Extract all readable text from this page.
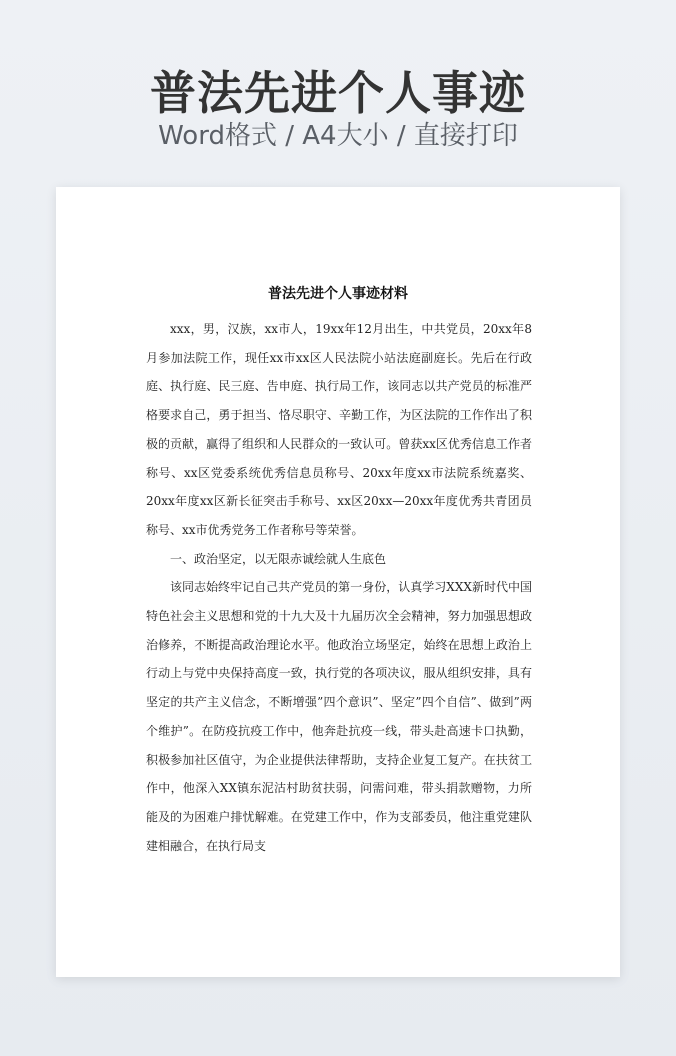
普法先进个人事迹
Word格式 / A4大小 / 直接打印
普法先进个人事迹材料

xxx，男，汉族，xx市人，19xx年12月出生，中共党员，20xx年8月参加法院工作，现任xx市xx区人民法院小站法庭副庭长。先后在行政庭、执行庭、民三庭、告申庭、执行局工作，该同志以共产党员的标准严格要求自己，勇于担当、恪尽职守、辛勤工作，为区法院的工作作出了积极的贡献，赢得了组织和人民群众的一致认可。曾获xx区优秀信息工作者称号、xx区党委系统优秀信息员称号、20xx年度xx市法院系统嘉奖、20xx年度xx区新长征突击手称号、xx区20xx—20xx年度优秀共青团员称号、xx市优秀党务工作者称号等荣誉。

一、政治坚定，以无限赤诚绘就人生底色

该同志始终牢记自己共产党员的第一身份，认真学习XXX新时代中国特色社会主义思想和党的十九大及十九届历次全会精神，努力加强思想政治修养，不断提高政治理论水平。他政治立场坚定，始终在思想上政治上行动上与党中央保持高度一致，执行党的各项决议，服从组织安排，具有坚定的共产主义信念，不断增强”四个意识”、坚定”四个自信”、做到”两个维护”。在防疫抗疫工作中，他奔赴抗疫一线，带头赴高速卡口执勤，积极参加社区值守，为企业提供法律帮助，支持企业复工复产。在扶贫工作中，他深入XX镇东泥沽村助贫扶弱，问需问难，带头捐款赠物，力所能及的为困难户排忧解难。在党建工作中，作为支部委员，他注重党建队建相融合，在执行局支
